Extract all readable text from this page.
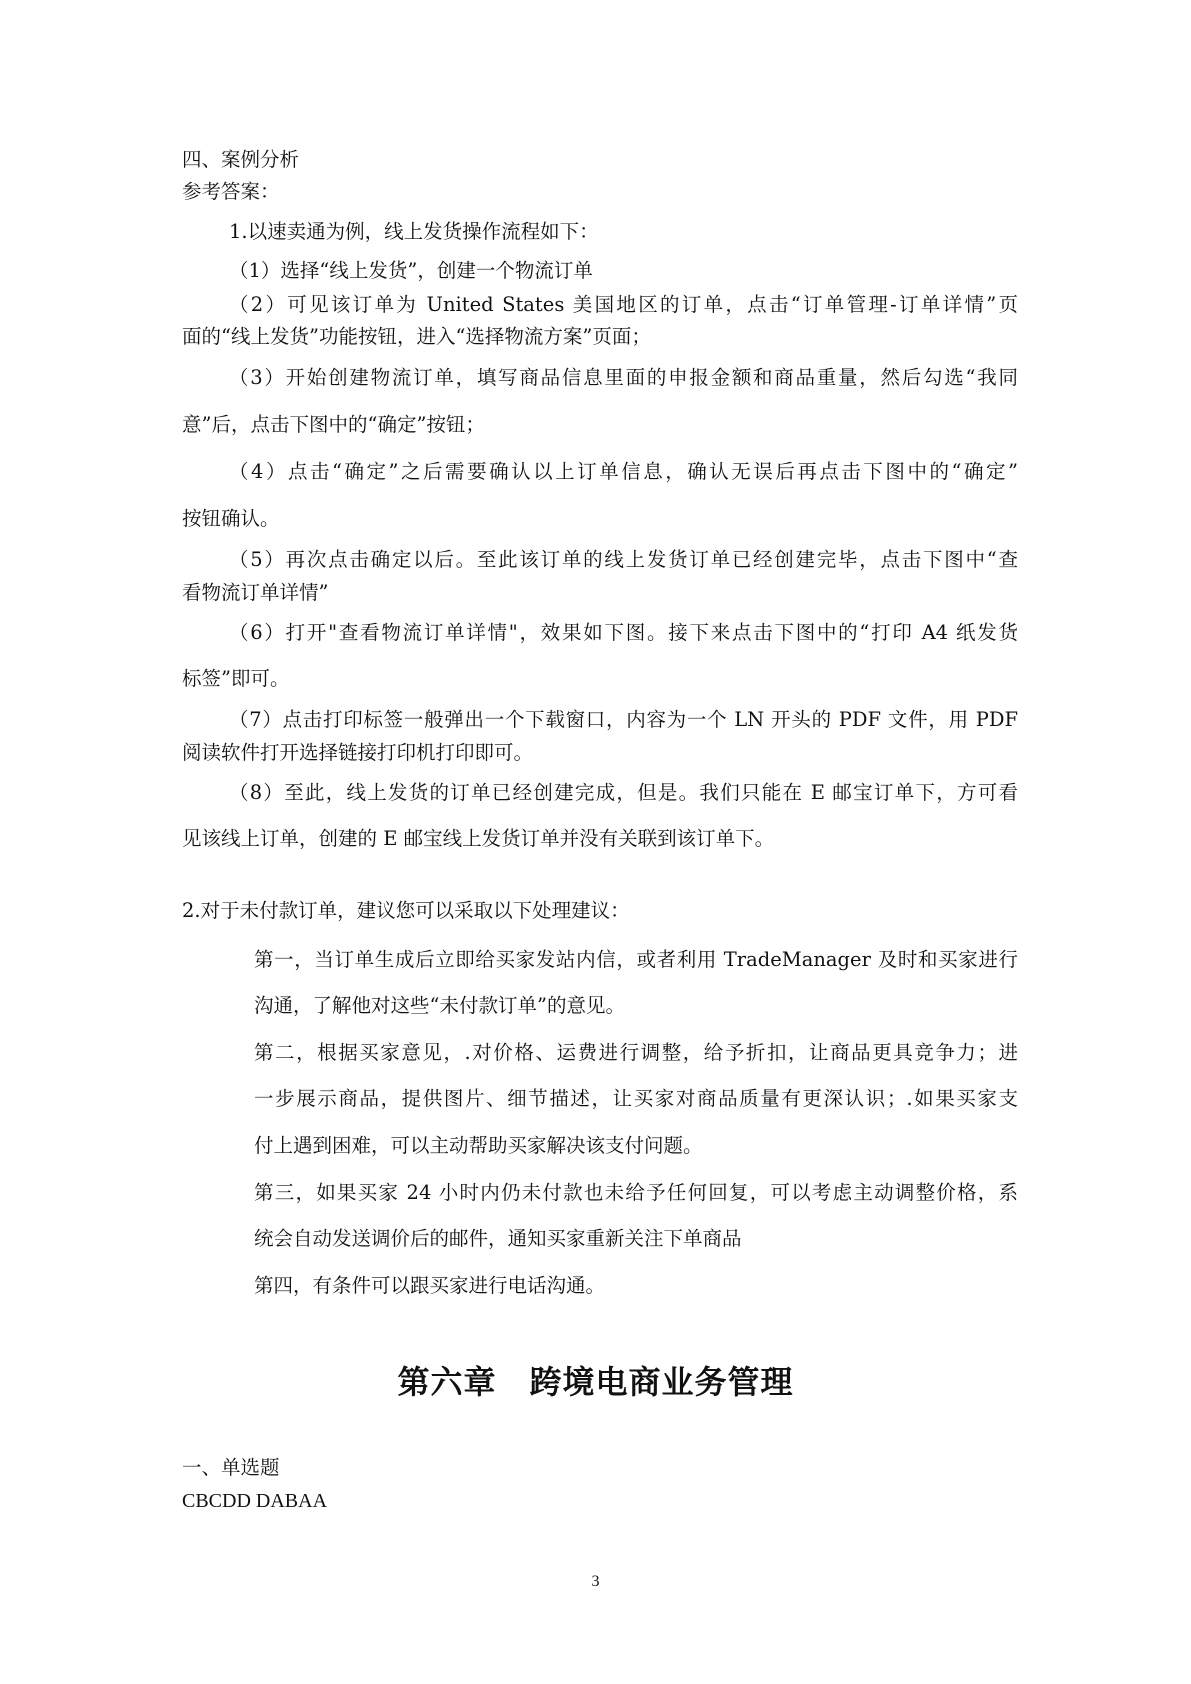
四、案例分析
参考答案：
1.以速卖通为例，线上发货操作流程如下：
（1）选择“线上发货”，创建一个物流订单
（2）可见该订单为 United States 美国地区的订单，点击“订单管理-订单详情”页
面的“线上发货”功能按钮，进入“选择物流方案”页面；
（3）开始创建物流订单，填写商品信息里面的申报金额和商品重量，然后勾选“我同
意”后，点击下图中的“确定”按钮；
（4）点击“确定”之后需要确认以上订单信息，确认无误后再点击下图中的“确定”
按钮确认。
（5）再次点击确定以后。至此该订单的线上发货订单已经创建完毕，点击下图中“查
看物流订单详情”
（6）打开"查看物流订单详情"，效果如下图。接下来点击下图中的“打印 A4 纸发货
标签”即可。
（7）点击打印标签一般弹出一个下载窗口，内容为一个 LN 开头的 PDF 文件，用 PDF
阅读软件打开选择链接打印机打印即可。
（8）至此，线上发货的订单已经创建完成，但是。我们只能在 E 邮宝订单下，方可看
见该线上订单，创建的 E 邮宝线上发货订单并没有关联到该订单下。
2.对于未付款订单，建议您可以采取以下处理建议：
第一，当订单生成后立即给买家发站内信，或者利用 TradeManager 及时和买家进行
沟通，了解他对这些“未付款订单”的意见。
第二，根据买家意见，.对价格、运费进行调整，给予折扣，让商品更具竞争力；进
一步展示商品，提供图片、细节描述，让买家对商品质量有更深认识；.如果买家支
付上遇到困难，可以主动帮助买家解决该支付问题。
第三，如果买家 24 小时内仍未付款也未给予任何回复，可以考虑主动调整价格，系
统会自动发送调价后的邮件，通知买家重新关注下单商品
第四，有条件可以跟买家进行电话沟通。
第六章　跨境电商业务管理
一、单选题
CBCDD DABAA
3
